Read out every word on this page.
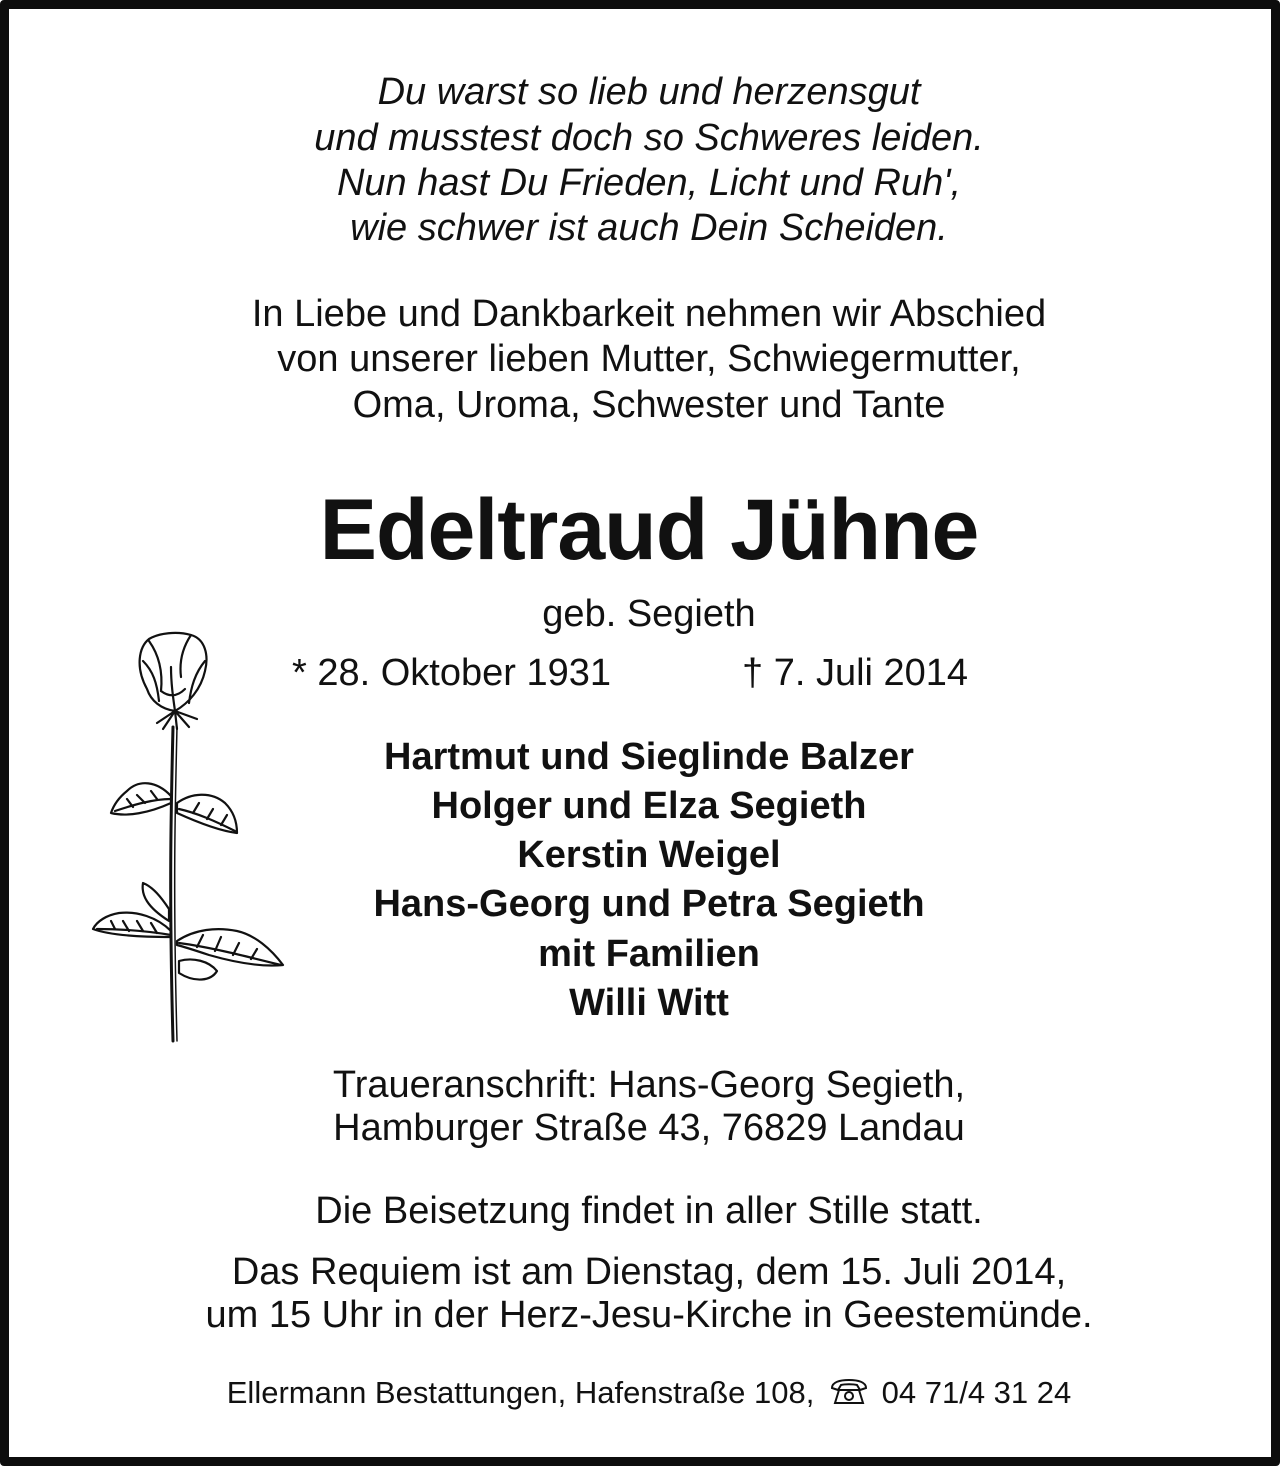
Du warst so lieb und herzensgut
und musstest doch so Schweres leiden.
Nun hast Du Frieden, Licht und Ruh',
wie schwer ist auch Dein Scheiden.
In Liebe und Dankbarkeit nehmen wir Abschied
von unserer lieben Mutter, Schwiegermutter,
Oma, Uroma, Schwester und Tante
Edeltraud Jühne
geb. Segieth
* 28. Oktober 1931	† 7. Juli 2014
Hartmut und Sieglinde Balzer
Holger und Elza Segieth
Kerstin Weigel
Hans-Georg und Petra Segieth
mit Familien
Willi Witt
Traueranschrift: Hans-Georg Segieth,
Hamburger Straße 43, 76829 Landau
Die Beisetzung findet in aller Stille statt.
Das Requiem ist am Dienstag, dem 15. Juli 2014,
um 15 Uhr in der Herz-Jesu-Kirche in Geestemünde.
Ellermann Bestattungen, Hafenstraße 108, 04 71/4 31 24
